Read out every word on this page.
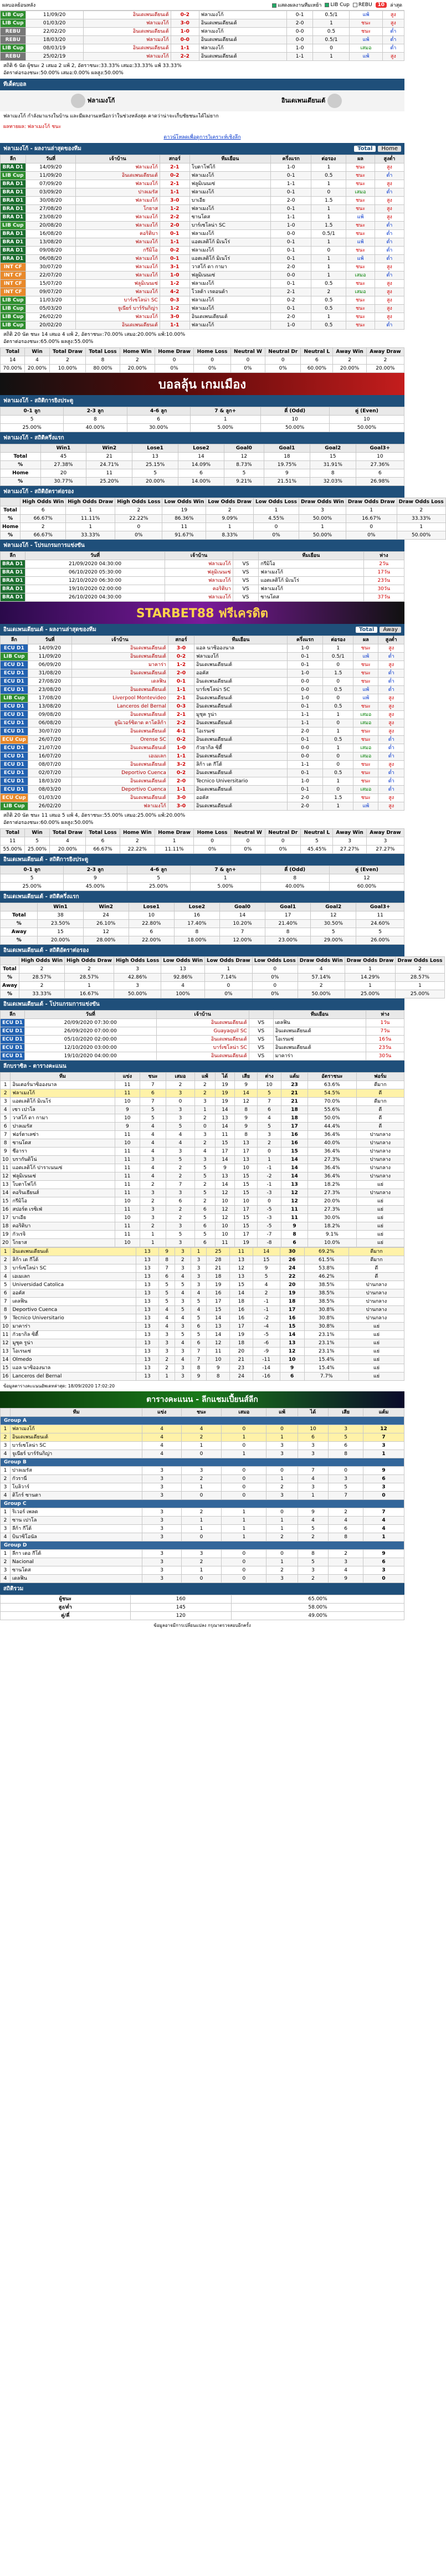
ผลบอลย้อนหลัง	แสดงผลงานทีมเหย้า	LIB Cup	REBU	10	ล่าสุด
LIB Cup	11/09/20	อินเดเพนเดียนเต้	0-2	ฟลาเมงโก้	0-1	0.5/1	แพ้	สูง
LIB Cup	01/03/20	ฟลาเมงโก้	3-0	อินเดเพนเดียนเต้	2-0	1	ชนะ	สูง
REBU	22/02/20	อินเดเพนเดียนเต้	1-0	ฟลาเมงโก้	0-0	0.5	ชนะ	ต่ำ
REBU	18/03/20	ฟลาเมงโก้	0-0	อินเดเพนเดียนเต้	0-0	0.5/1	แพ้	ต่ำ
LIB Cup	08/03/19	อินเดเพนเดียนเต้	1-1	ฟลาเมงโก้	1-0	0	เสมอ	ต่ำ
REBU	25/02/19	ฟลาเมงโก้	2-2	อินเดเพนเดียนเต้	1-1	1	แพ้	สูง
สถิติ 6 นัด ผู้ชนะ 2 เสมอ 2 แพ้ 2, อัตราชนะ:33.33% เสมอ:33.33% แพ้ 33.33%
อัตราต่อรองชนะ:50.00% เสมอ:0.00% ผลสูง:50.00%
ทีเด็ดบอล
ฟลาเมงโก้	อินเดเพนเดียนเต้
ฟลาเมงโก้ กำลังมาแรงในบ้าน และมีผลงานเหนือกว่าในช่วงหลังสุด คาดว่าน่าจะเก็บชัยชนะได้ไม่ยาก
ผลทายผล: ฟลาเมงโก้ ชนะ
ดาวน์โหลดเพื่อดูการวิเคราะห์เชิงลึก
ฟลาเมงโก้ - ผลงานล่าสุดของทีม	Total	Home
ลีก	วันที่	เจ้าบ้าน	สกอร์	ทีมเยือน	ครึ่งแรก	ต่อรอง	ผล	สูงต่ำ
BRA D1	14/09/20	ฟลาเมงโก้	2-1	โบตาโฟโก้	1-0	1	ชนะ	สูง
LIB Cup	11/09/20	อินเดเพนเดียนเต้	0-2	ฟลาเมงโก้	0-1	0.5	ชนะ	ต่ำ
BRA D1	07/09/20	ฟลาเมงโก้	2-1	ฟลูมิเนนเซ่	1-1	1	ชนะ	สูง
BRA D1	03/09/20	ปาลเมรัส	1-1	ฟลาเมงโก้	0-1	0	เสมอ	ต่ำ
BRA D1	30/08/20	ฟลาเมงโก้	3-0	บาเอีย	2-0	1.5	ชนะ	สูง
BRA D1	27/08/20	โกยาส	1-2	ฟลาเมงโก้	0-1	1	ชนะ	สูง
BRA D1	23/08/20	ฟลาเมงโก้	2-2	ซานโตส	1-1	1	แพ้	สูง
LIB Cup	20/08/20	ฟลาเมงโก้	2-0	บาร์เซโลน่า SC	1-0	1.5	ชนะ	ต่ำ
BRA D1	16/08/20	คอริติบา	0-1	ฟลาเมงโก้	0-0	0.5/1	ชนะ	ต่ำ
BRA D1	13/08/20	ฟลาเมงโก้	1-1	แอตเลติโก้ มิเนโร่	0-1	1	แพ้	ต่ำ
BRA D1	09/08/20	กรีมิโอ	0-2	ฟลาเมงโก้	0-1	0	ชนะ	ต่ำ
BRA D1	06/08/20	ฟลาเมงโก้	0-1	แอตเลติโก้ มิเนโร่	0-1	1	แพ้	ต่ำ
INT CF	30/07/20	ฟลาเมงโก้	3-1	วาสโก้ ดา กามา	2-0	1	ชนะ	สูง
INT CF	22/07/20	ฟลาเมงโก้	1-0	ฟลูมิเนนเซ่	0-0	1	เสมอ	ต่ำ
INT CF	15/07/20	ฟลูมิเนนเซ่	1-2	ฟลาเมงโก้	0-1	0.5	ชนะ	สูง
INT CF	09/07/20	ฟลาเมงโก้	4-2	โวลต้า เรดอนด้า	2-1	2	เสมอ	สูง
LIB Cup	11/03/20	บาร์เซโลน่า SC	0-3	ฟลาเมงโก้	0-2	0.5	ชนะ	สูง
LIB Cup	05/03/20	จูเนียร์ บาร์รันกิญ่า	1-2	ฟลาเมงโก้	0-1	0.5	ชนะ	สูง
LIB Cup	26/02/20	ฟลาเมงโก้	3-0	อินเดเพนเดียนเต้	2-0	1	ชนะ	สูง
LIB Cup	20/02/20	อินเดเพนเดียนเต้	1-1	ฟลาเมงโก้	1-0	0.5	ชนะ	ต่ำ
สถิติ 20 นัด ชนะ 14 เสมอ 4 แพ้ 2, อัตราชนะ:70.00% เสมอ:20.00% แพ้:10.00%
อัตราต่อรองชนะ:65.00% ผลสูง:55.00%
Total	Win	Total Draw	Total Loss	Home Win	Home Draw	Home Loss	Neutral W	Neutral Dr	Neutral L	Away Win	Away Draw
14	4	2	8	2	0	0	0	0	6	2	2
70.00%	20.00%	10.00%	80.00%	20.00%	0%	0%	0%	0%	60.00%	20.00%	20.00%
บอลลุ้น เกมเมือง
ฟลาเมงโก้ - สถิติการยิงประตู
0-1 ลูก	2-3 ลูก	4-6 ลูก	7 & ลูก+	คี่ (Odd)	คู่ (Even)
5	8	6	1	10	10
25.00%	40.00%	30.00%	5.00%	50.00%	50.00%
ฟลาเมงโก้ - สถิติครึ่งแรก
	Win1	Win2	Lose1	Lose2	Goal0	Goal1	Goal2	Goal3+
Total	45	21	13	14	12	18	15	10
%	27.38%	24.71%	25.15%	14.09%	8.73%	19.75%	31.91%	27.36%
Home	20	11	5	6	5	9	8	6
%	30.77%	25.20%	20.00%	14.00%	9.21%	21.51%	32.03%	26.98%
ฟลาเมงโก้ - สถิติอัตราต่อรอง
	High Odds Win	High Odds Draw	High Odds Loss	Low Odds Win	Low Odds Draw	Low Odds Loss	Draw Odds Win	Draw Odds Draw	Draw Odds Loss
Total	6	1	2	19	2	1	3	1	2
%	66.67%	11.11%	22.22%	86.36%	9.09%	4.55%	50.00%	16.67%	33.33%
Home	2	1	0	11	1	0	1	0	1
%	66.67%	33.33%	0%	91.67%	8.33%	0%	50.00%	0%	50.00%
ฟลาเมงโก้ - โปรแกรมการแข่งขัน
ลีก	วันที่	เจ้าบ้าน		ทีมเยือน	ห่าง
BRA D1	21/09/2020 04:30:00	ฟลาเมงโก้	VS	กรีมิโอ	2วัน
BRA D1	06/10/2020 05:30:00	ฟลูมิเนนเซ่	VS	ฟลาเมงโก้	17วัน
BRA D1	12/10/2020 06:30:00	ฟลาเมงโก้	VS	แอตเลติโก้ มิเนโร่	23วัน
BRA D1	19/10/2020 02:00:00	คอริติบา	VS	ฟลาเมงโก้	30วัน
BRA D1	26/10/2020 04:30:00	ฟลาเมงโก้	VS	ซานโตส	37วัน
STARBET88 ฟรีเครดิต
อินเดเพนเดียนเต้ - ผลงานล่าสุดของทีม	Total	Away
ลีก	วันที่	เจ้าบ้าน	สกอร์	ทีมเยือน	ครึ่งแรก	ต่อรอง	ผล	สูงต่ำ
ECU D1	14/09/20	อินเดเพนเดียนเต้	3-0	แอล นาซิอองนาล	1-0	1	ชนะ	สูง
LIB Cup	11/09/20	อินเดเพนเดียนเต้	0-2	ฟลาเมงโก้	0-1	0.5/1	แพ้	ต่ำ
ECU D1	06/09/20	มาคาร่า	1-2	อินเดเพนเดียนเต้	0-1	0	ชนะ	สูง
ECU D1	31/08/20	อินเดเพนเดียนเต้	2-0	ออคัส	1-0	1.5	ชนะ	ต่ำ
ECU D1	27/08/20	เดลฟิน	0-1	อินเดเพนเดียนเต้	0-0	0	ชนะ	ต่ำ
ECU D1	23/08/20	อินเดเพนเดียนเต้	1-1	บาร์เซโลน่า SC	0-0	0.5	แพ้	ต่ำ
LIB Cup	17/08/20	Liverpool Montevideo	2-1	อินเดเพนเดียนเต้	1-0	0	แพ้	สูง
ECU D1	13/08/20	Lanceros del Bernal	0-3	อินเดเพนเดียนเต้	0-1	0.5	ชนะ	สูง
ECU D1	09/08/20	อินเดเพนเดียนเต้	2-1	มูชุค รูน่า	1-1	1	เสมอ	สูง
ECU D1	06/08/20	ยูนิเวอร์ซิดาด คาโตลิก้า	2-2	อินเดเพนเดียนเต้	1-1	0	เสมอ	สูง
ECU D1	30/07/20	อินเดเพนเดียนเต้	4-1	โอเรนเซ่	2-0	1	ชนะ	สูง
ECU Cup	26/07/20	Orense SC	0-2	อินเดเพนเดียนเต้	0-1	0.5	ชนะ	ต่ำ
ECU D1	21/07/20	อินเดเพนเดียนเต้	1-0	กัวยากิล ซิตี้	0-0	1	เสมอ	ต่ำ
ECU D1	16/07/20	เอเมเลก	1-1	อินเดเพนเดียนเต้	0-0	0	เสมอ	ต่ำ
ECU D1	08/07/20	อินเดเพนเดียนเต้	3-2	ลิก้า เด กีโต้	1-1	0	ชนะ	สูง
ECU D1	02/07/20	Deportivo Cuenca	0-2	อินเดเพนเดียนเต้	0-1	0.5	ชนะ	ต่ำ
ECU D1	18/03/20	อินเดเพนเดียนเต้	2-0	Tecnico Universitario	1-0	1	ชนะ	ต่ำ
ECU D1	08/03/20	Deportivo Cuenca	1-1	อินเดเพนเดียนเต้	0-1	0	เสมอ	ต่ำ
ECU Cup	01/03/20	อินเดเพนเดียนเต้	3-0	ออคัส	2-0	1.5	ชนะ	สูง
LIB Cup	26/02/20	ฟลาเมงโก้	3-0	อินเดเพนเดียนเต้	2-0	1	แพ้	สูง
สถิติ 20 นัด ชนะ 11 เสมอ 5 แพ้ 4, อัตราชนะ:55.00% เสมอ:25.00% แพ้:20.00%
อัตราต่อรองชนะ:60.00% ผลสูง:50.00%
Total	Win	Total Draw	Total Loss	Home Win	Home Draw	Home Loss	Neutral W	Neutral Dr	Neutral L	Away Win	Away Draw
11	5	4	6	2	1	0	0	0	5	3	3
55.00%	25.00%	20.00%	66.67%	22.22%	11.11%	0%	0%	0%	45.45%	27.27%	27.27%
อินเดเพนเดียนเต้ - สถิติการยิงประตู
0-1 ลูก	2-3 ลูก	4-6 ลูก	7 & ลูก+	คี่ (Odd)	คู่ (Even)
5	9	5	1	8	12
25.00%	45.00%	25.00%	5.00%	40.00%	60.00%
อินเดเพนเดียนเต้ - สถิติครึ่งแรก
	Win1	Win2	Lose1	Lose2	Goal0	Goal1	Goal2	Goal3+
Total	38	24	10	16	14	17	12	11
%	23.50%	26.10%	22.80%	17.40%	10.20%	21.40%	30.50%	24.60%
Away	15	12	6	8	7	8	5	5
%	20.00%	28.00%	22.00%	18.00%	12.00%	23.00%	29.00%	26.00%
อินเดเพนเดียนเต้ - สถิติอัตราต่อรอง
	High Odds Win	High Odds Draw	High Odds Loss	Low Odds Win	Low Odds Draw	Low Odds Loss	Draw Odds Win	Draw Odds Draw	Draw Odds Loss
Total	2	2	3	13	1	0	4	1	2
%	28.57%	28.57%	42.86%	92.86%	7.14%	0%	57.14%	14.29%	28.57%
Away	2	1	3	4	0	0	2	1	1
%	33.33%	16.67%	50.00%	100%	0%	0%	50.00%	25.00%	25.00%
อินเดเพนเดียนเต้ - โปรแกรมการแข่งขัน
ลีก	วันที่	เจ้าบ้าน		ทีมเยือน	ห่าง
ECU D1	20/09/2020 07:30:00	อินเดเพนเดียนเต้	VS	เดลฟิน	1วัน
ECU D1	26/09/2020 07:00:00	Guayaquil SC	VS	อินเดเพนเดียนเต้	7วัน
ECU D1	05/10/2020 02:00:00	อินเดเพนเดียนเต้	VS	โอเรนเซ่	16วัน
ECU D1	12/10/2020 03:00:00	บาร์เซโลน่า SC	VS	อินเดเพนเดียนเต้	23วัน
ECU D1	19/10/2020 04:00:00	อินเดเพนเดียนเต้	VS	มาคาร่า	30วัน
ลีกบราซิล - ตารางคะแนน
	ทีม	แข่ง	ชนะ	เสมอ	แพ้	ได้	เสีย	ต่าง	แต้ม	อัตราชนะ	ฟอร์ม
1	อินเตอร์นาซิอองนาล	11	7	2	2	19	9	10	23	63.6%	ดีมาก
2	ฟลาเมงโก้	11	6	3	2	19	14	5	21	54.5%	ดี
3	แอตเลติโก้ มิเนโร่	10	7	0	3	19	12	7	21	70.0%	ดีมาก
4	เซา เปาโล	9	5	3	1	14	8	6	18	55.6%	ดี
5	วาสโก้ ดา กามา	10	5	3	2	13	9	4	18	50.0%	ดี
6	ปาลเมรัส	9	4	5	0	14	9	5	17	44.4%	ดี
7	ฟอร์ตาเลซ่า	11	4	4	3	11	8	3	16	36.4%	ปานกลาง
8	ซานโตส	10	4	4	2	15	13	2	16	40.0%	ปานกลาง
9	ซีอารา	11	4	3	4	17	17	0	15	36.4%	ปานกลาง
10	บรากันติโน่	11	3	5	3	14	13	1	14	27.3%	ปานกลาง
11	แอตเลติโก้ ปาราเนนเซ่	11	4	2	5	9	10	-1	14	36.4%	ปานกลาง
12	ฟลูมิเนนเซ่	11	4	2	5	13	15	-2	14	36.4%	ปานกลาง
13	โบตาโฟโก้	11	2	7	2	14	15	-1	13	18.2%	แย่
14	คอรินเธียนส์	11	3	3	5	12	15	-3	12	27.3%	ปานกลาง
15	กรีมิโอ	10	2	6	2	10	10	0	12	20.0%	แย่
16	สปอร์ต เรซิเฟ่	11	3	2	6	12	17	-5	11	27.3%	แย่
17	บาเอีย	10	3	2	5	12	15	-3	11	30.0%	แย่
18	คอริติบา	11	2	3	6	10	15	-5	9	18.2%	แย่
19	กัวเรจิ	11	1	5	5	10	17	-7	8	9.1%	แย่
20	โกยาส	10	1	3	6	11	19	-8	6	10.0%	แย่
1	อินเดเพนเดียนเต้	13	9	3	1	25	11	14	30	69.2%	ดีมาก
2	ลิก้า เด กีโต้	13	8	2	3	28	13	15	26	61.5%	ดีมาก
3	บาร์เซโลน่า SC	13	7	3	3	21	12	9	24	53.8%	ดี
4	เอเมเลก	13	6	4	3	18	13	5	22	46.2%	ดี
5	Universidad Catolica	13	5	5	3	19	15	4	20	38.5%	ปานกลาง
6	ออคัส	13	5	4	4	16	14	2	19	38.5%	ปานกลาง
7	เดลฟิน	13	5	3	5	17	18	-1	18	38.5%	ปานกลาง
8	Deportivo Cuenca	13	4	5	4	15	16	-1	17	30.8%	ปานกลาง
9	Tecnico Universitario	13	4	4	5	14	16	-2	16	30.8%	ปานกลาง
10	มาคาร่า	13	4	3	6	13	17	-4	15	30.8%	แย่
11	กัวยากิล ซิตี้	13	3	5	5	14	19	-5	14	23.1%	แย่
12	มูชุค รูน่า	13	3	4	6	12	18	-6	13	23.1%	แย่
13	โอเรนเซ่	13	3	3	7	11	20	-9	12	23.1%	แย่
14	Olmedo	13	2	4	7	10	21	-11	10	15.4%	แย่
15	แอล นาซิอองนาล	13	2	3	8	9	23	-14	9	15.4%	แย่
16	Lanceros del Bernal	13	1	3	9	8	24	-16	6	7.7%	แย่
ข้อมูลตารางคะแนนอัพเดทล่าสุด: 18/09/2020 17:02:20
ตารางคะแนน - ลีกแชมเปี้ยนส์ลีก
	ทีม	แข่ง	ชนะ	เสมอ	แพ้	ได้	เสีย	แต้ม
Group A								
1	ฟลาเมงโก้	4	4	0	0	10	3	12
2	อินเดเพนเดียนเต้	4	2	1	1	6	5	7
3	บาร์เซโลน่า SC	4	1	0	3	3	6	3
4	จูเนียร์ บาร์รันกิญ่า	4	0	1	3	3	8	1
Group B								
1	ปาลเมรัส	3	3	0	0	7	0	9
2	กัวรานี่	3	2	0	1	4	3	6
3	โบลิวาร์	3	1	0	2	3	5	3
4	ติโกร์ ซานตา	3	0	0	3	1	7	0
Group C								
1	ริเวอร์ เพลต	3	2	1	0	9	2	7
2	ซาน เปาโล	3	1	1	1	4	4	4
3	ลีก้า กีโต้	3	1	1	1	5	6	4
4	บินาซิโอนัล	3	0	1	2	2	8	1
Group D								
1	ลีกา เดอ กีโต้	3	3	0	0	8	2	9
2	Nacional	3	2	0	1	5	3	6
3	ซานโตส	3	1	0	2	3	4	3
4	เดลฟิน	3	0	0	3	2	9	0
สถิติรวม
ผู้ชนะ	160	65.00%
สูง/ต่ำ	145	58.00%
คู่/คี่	120	49.00%
ข้อมูลอาจมีการเปลี่ยนแปลง กรุณาตรวจสอบอีกครั้ง
